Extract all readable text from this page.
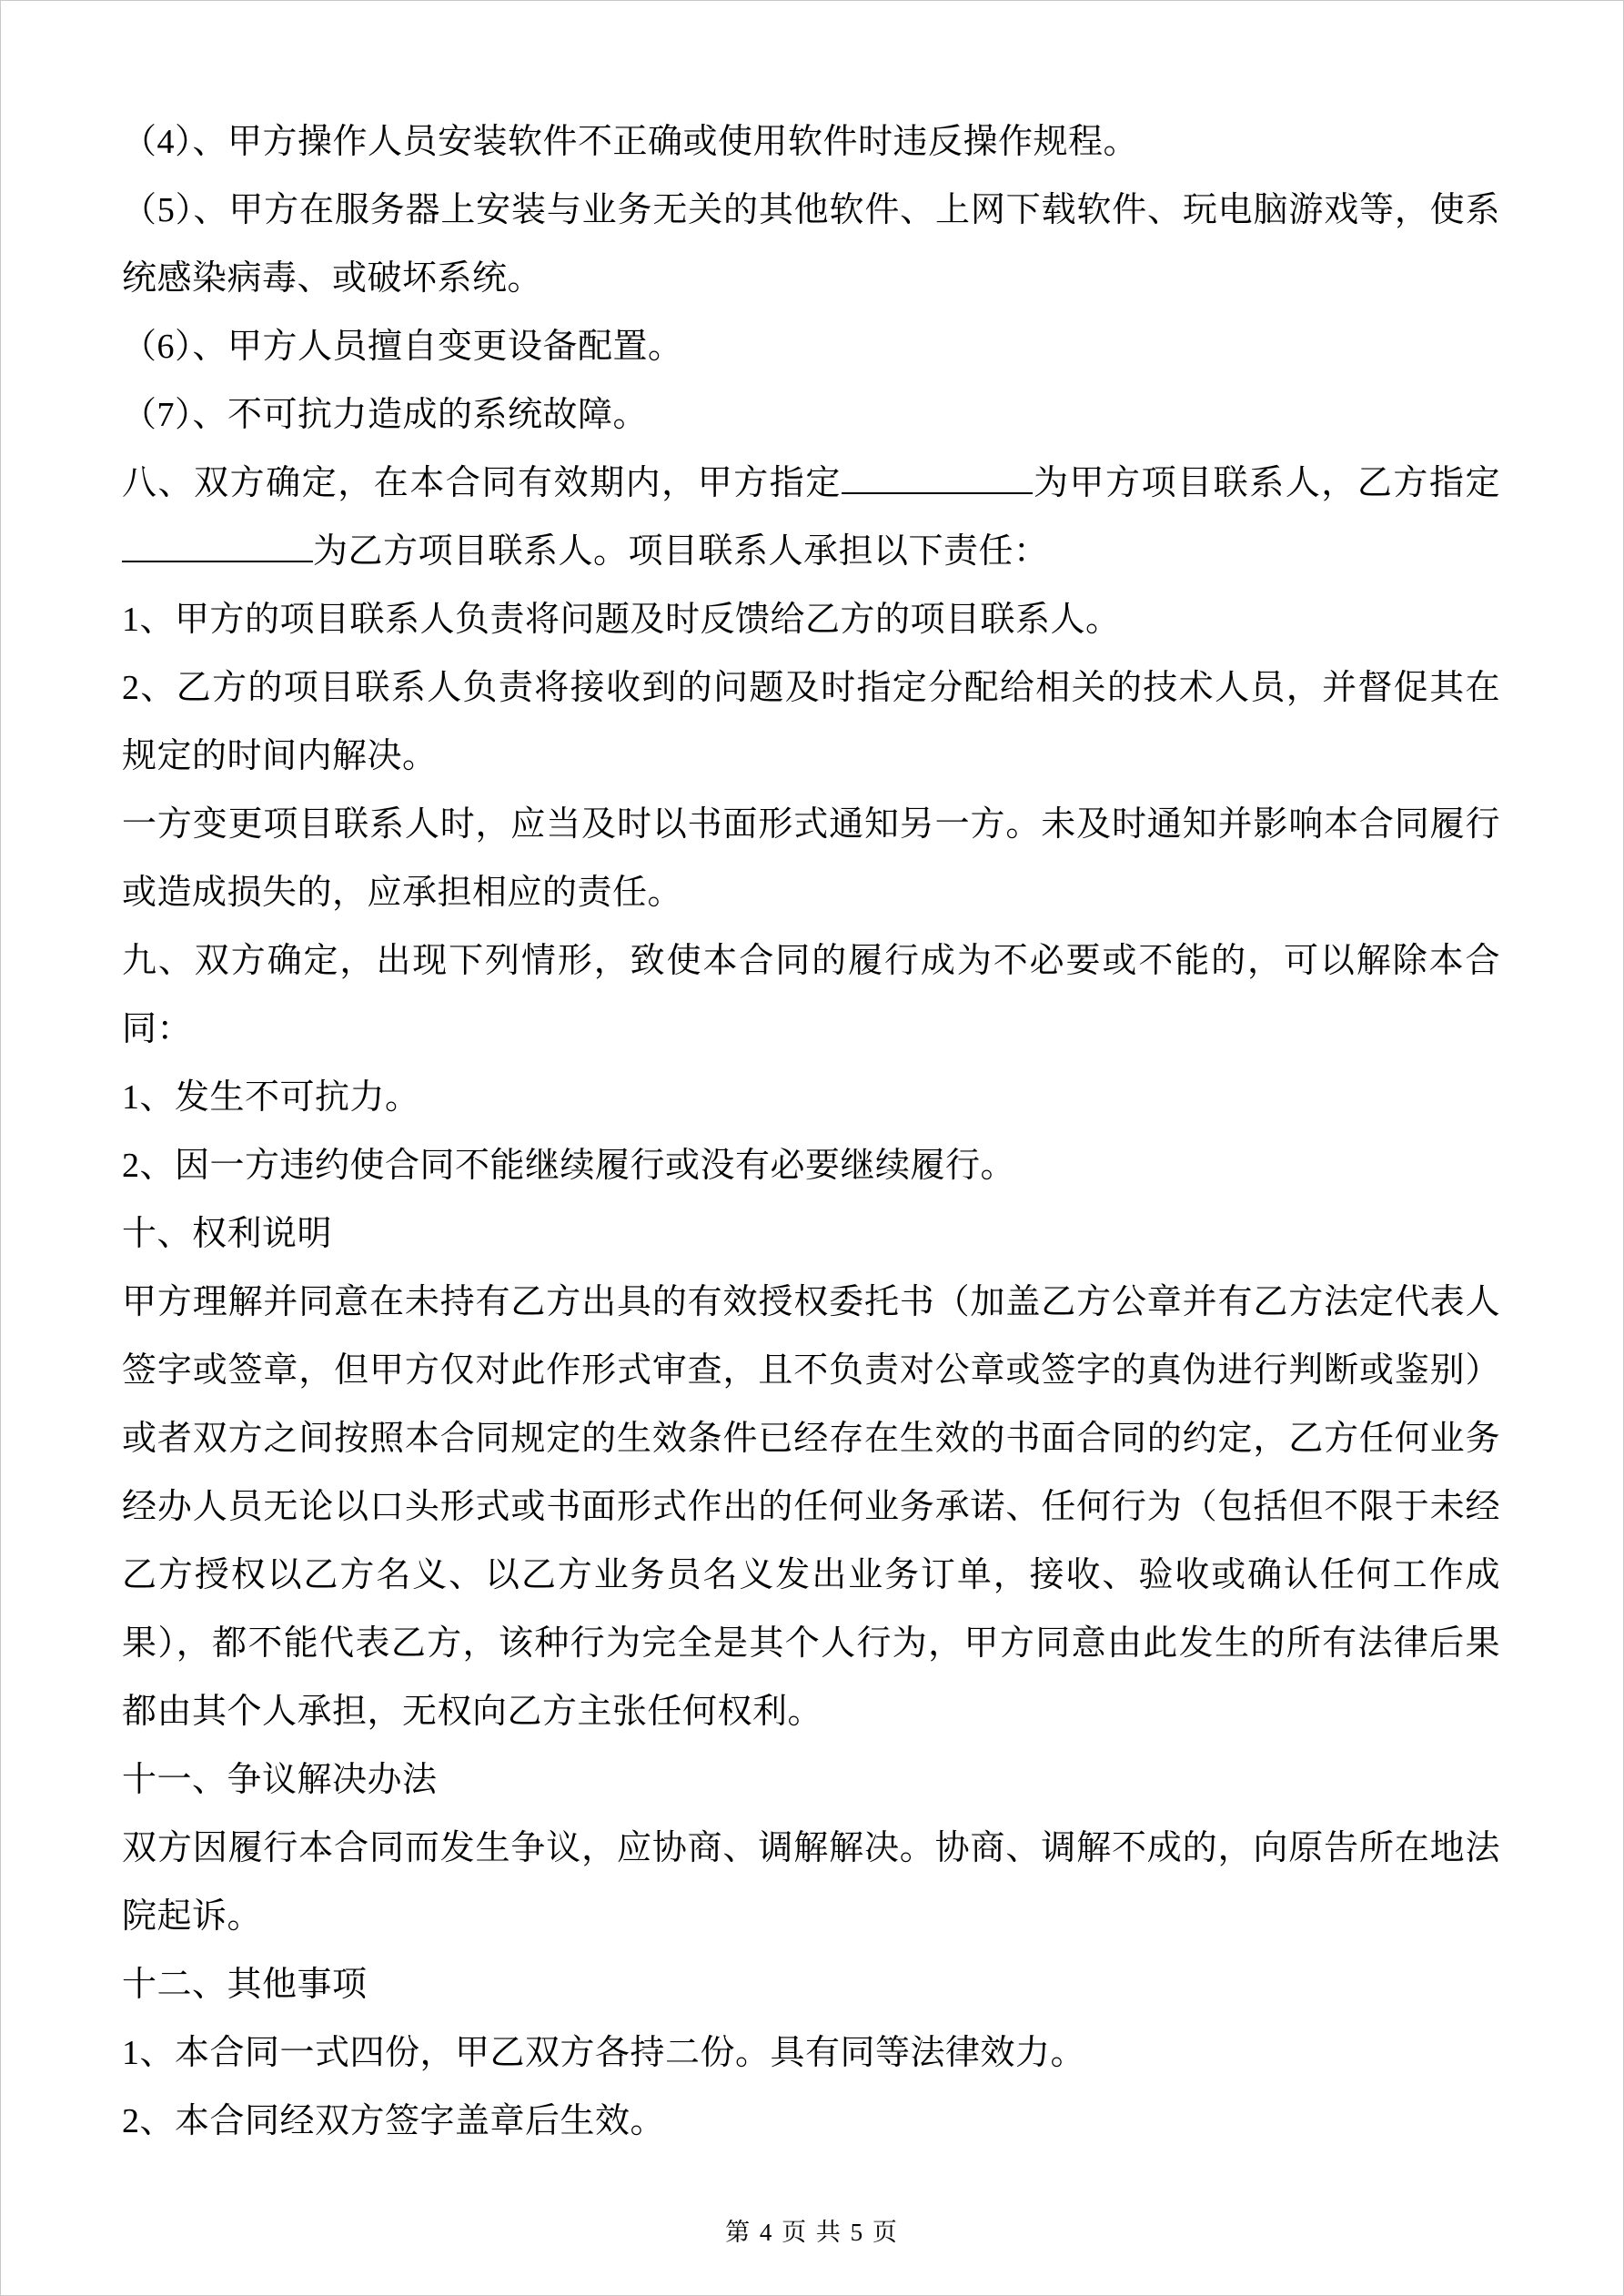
（4）、甲方操作人员安装软件不正确或使用软件时违反操作规程。

（5）、甲方在服务器上安装与业务无关的其他软件、上网下载软件、玩电脑游戏等，使系统感染病毒、或破坏系统。

（6）、甲方人员擅自变更设备配置。

（7）、不可抗力造成的系统故障。

八、双方确定，在本合同有效期内，甲方指定	为甲方项目联系人，乙方指定为乙方项目联系人。项目联系人承担以下责任：

1、甲方的项目联系人负责将问题及时反馈给乙方的项目联系人。

2、乙方的项目联系人负责将接收到的问题及时指定分配给相关的技术人员，并督促其在规定的时间内解决。

一方变更项目联系人时，应当及时以书面形式通知另一方。未及时通知并影响本合同履行或造成损失的，应承担相应的责任。

九、双方确定，出现下列情形，致使本合同的履行成为不必要或不能的，可以解除本合同：

1、发生不可抗力。

2、因一方违约使合同不能继续履行或没有必要继续履行。

十、权利说明

甲方理解并同意在未持有乙方出具的有效授权委托书（加盖乙方公章并有乙方法定代表人签字或签章，但甲方仅对此作形式审查，且不负责对公章或签字的真伪进行判断或鉴别）或者双方之间按照本合同规定的生效条件已经存在生效的书面合同的约定，乙方任何业务经办人员无论以口头形式或书面形式作出的任何业务承诺、任何行为（包括但不限于未经乙方授权以乙方名义、以乙方业务员名义发出业务订单，接收、验收或确认任何工作成果），都不能代表乙方，该种行为完全是其个人行为，甲方同意由此发生的所有法律后果都由其个人承担，无权向乙方主张任何权利。

十一、争议解决办法

双方因履行本合同而发生争议，应协商、调解解决。协商、调解不成的，向原告所在地法院起诉。

十二、其他事项

1、本合同一式四份，甲乙双方各持二份。具有同等法律效力。

2、本合同经双方签字盖章后生效。

第 4 页 共 5 页
